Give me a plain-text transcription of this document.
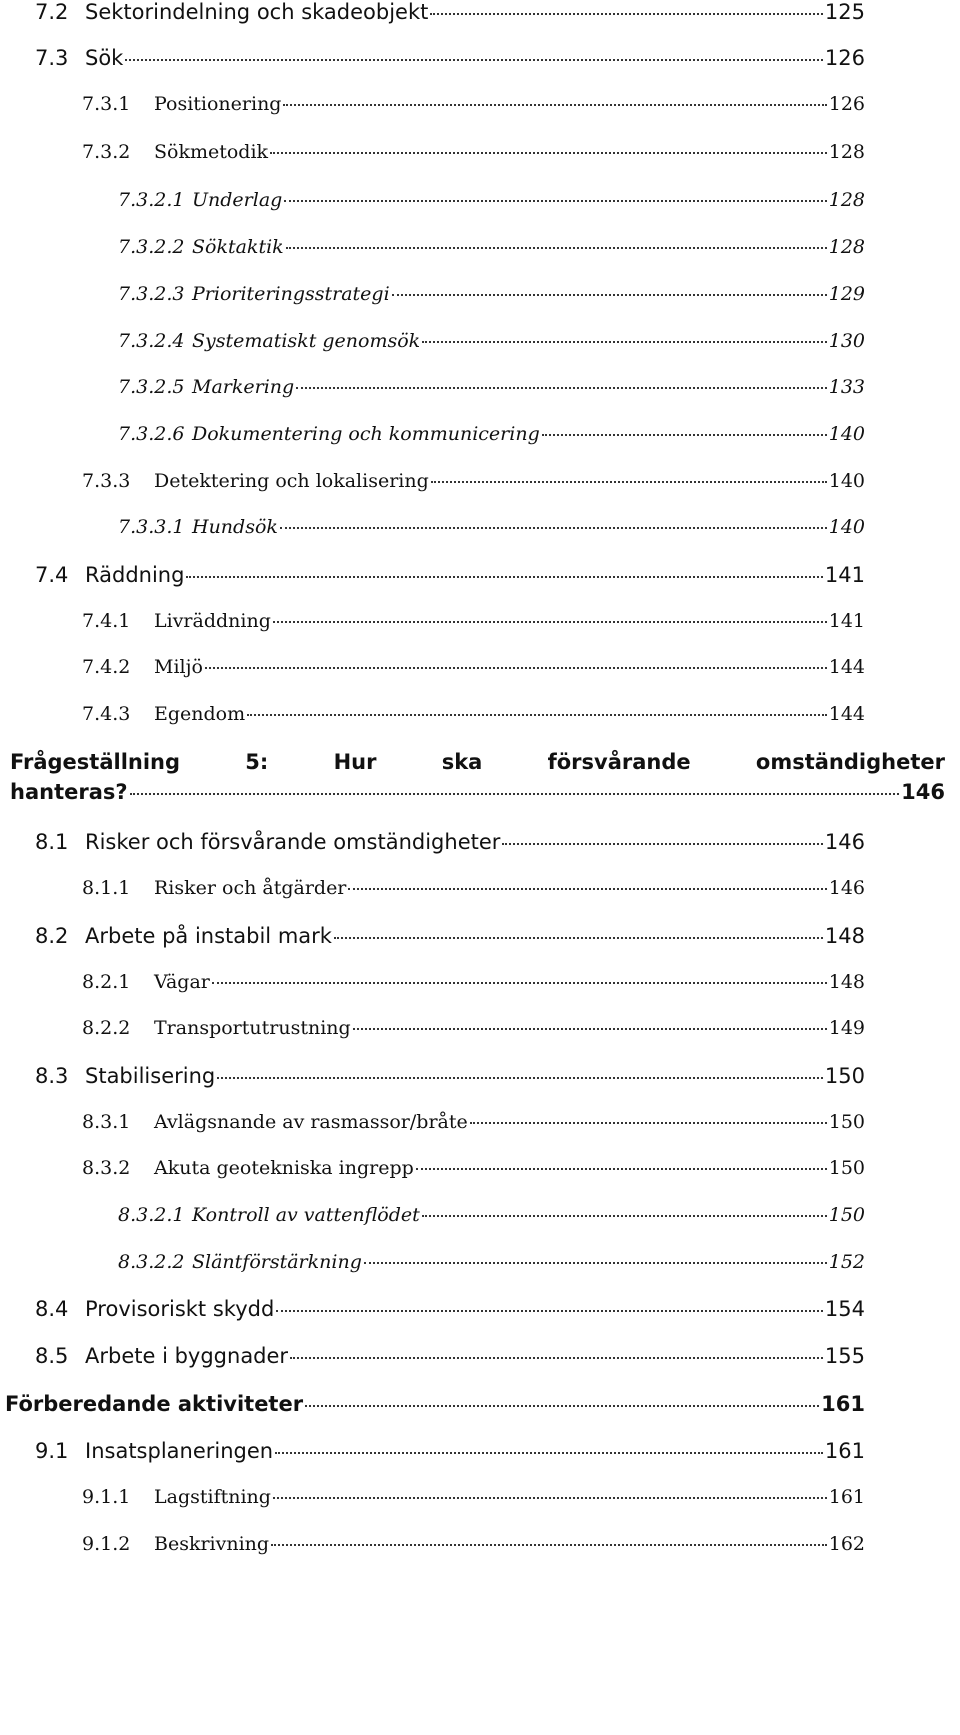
7.2 Sektorindelning och skadeobjekt	125
7.3 Sök	126
7.3.1	Positionering	126
7.3.2	Sökmetodik	128
7.3.2.1 Underlag	128
7.3.2.2 Söktaktik	128
7.3.2.3 Prioriteringsstrategi	129
7.3.2.4 Systematiskt genomsök	130
7.3.2.5 Markering	133
7.3.2.6 Dokumentering och kommunicering	140
7.3.3	Detektering och lokalisering	140
7.3.3.1 Hundsök	140
7.4 Räddning	141
7.4.1	Livräddning	141
7.4.2	Miljö	144
7.4.3	Egendom	144
Frågeställning	5:	Hur	ska	försvårande	omständigheter
hanteras?	146
8.1 Risker och försvårande omständigheter	146
8.1.1	Risker och åtgärder	146
8.2 Arbete på instabil mark	148
8.2.1	Vägar	148
8.2.2	Transportutrustning	149
8.3 Stabilisering	150
8.3.1	Avlägsnande av rasmassor/bråte	150
8.3.2	Akuta geotekniska ingrepp	150
8.3.2.1 Kontroll av vattenflödet	150
8.3.2.2 Släntförstärkning	152
8.4 Provisoriskt skydd	154
8.5 Arbete i byggnader	155
Förberedande aktiviteter	161
9.1 Insatsplaneringen	161
9.1.1	Lagstiftning	161
9.1.2	Beskrivning	162
